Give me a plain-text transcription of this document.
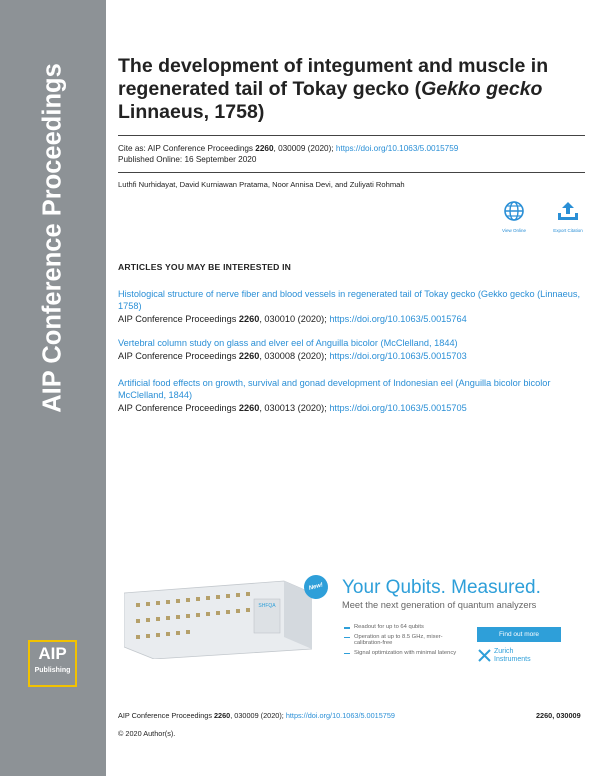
AIP Conference Proceedings
AIP
Publishing
The development of integument and muscle in regenerated tail of Tokay gecko (Gekko gecko Linnaeus, 1758)
Cite as: AIP Conference Proceedings 2260, 030009 (2020); https://doi.org/10.1063/5.0015759
Published Online: 16 September 2020
Luthfi Nurhidayat, David Kurniawan Pratama, Noor Annisa Devi, and Zuliyati Rohmah
View Online	Export Citation
ARTICLES YOU MAY BE INTERESTED IN
Histological structure of nerve fiber and blood vessels in regenerated tail of Tokay gecko (Gekko gecko (Linnaeus, 1758)
AIP Conference Proceedings 2260, 030010 (2020); https://doi.org/10.1063/5.0015764
Vertebral column study on glass and elver eel of Anguilla bicolor (McClelland, 1844)
AIP Conference Proceedings 2260, 030008 (2020); https://doi.org/10.1063/5.0015703
Artificial food effects on growth, survival and gonad development of Indonesian eel (Anguilla bicolor bicolor McClelland, 1844)
AIP Conference Proceedings 2260, 030013 (2020); https://doi.org/10.1063/5.0015705
SHFQA
New! Your Qubits. Measured.
Meet the next generation of quantum analyzers
Readout for up to 64 qubits
Operation at up to 8.5 GHz, mixer-calibration-free
Signal optimization with minimal latency
Find out more
Zurich
Instruments
AIP Conference Proceedings 2260, 030009 (2020); https://doi.org/10.1063/5.0015759	2260, 030009
© 2020 Author(s).
